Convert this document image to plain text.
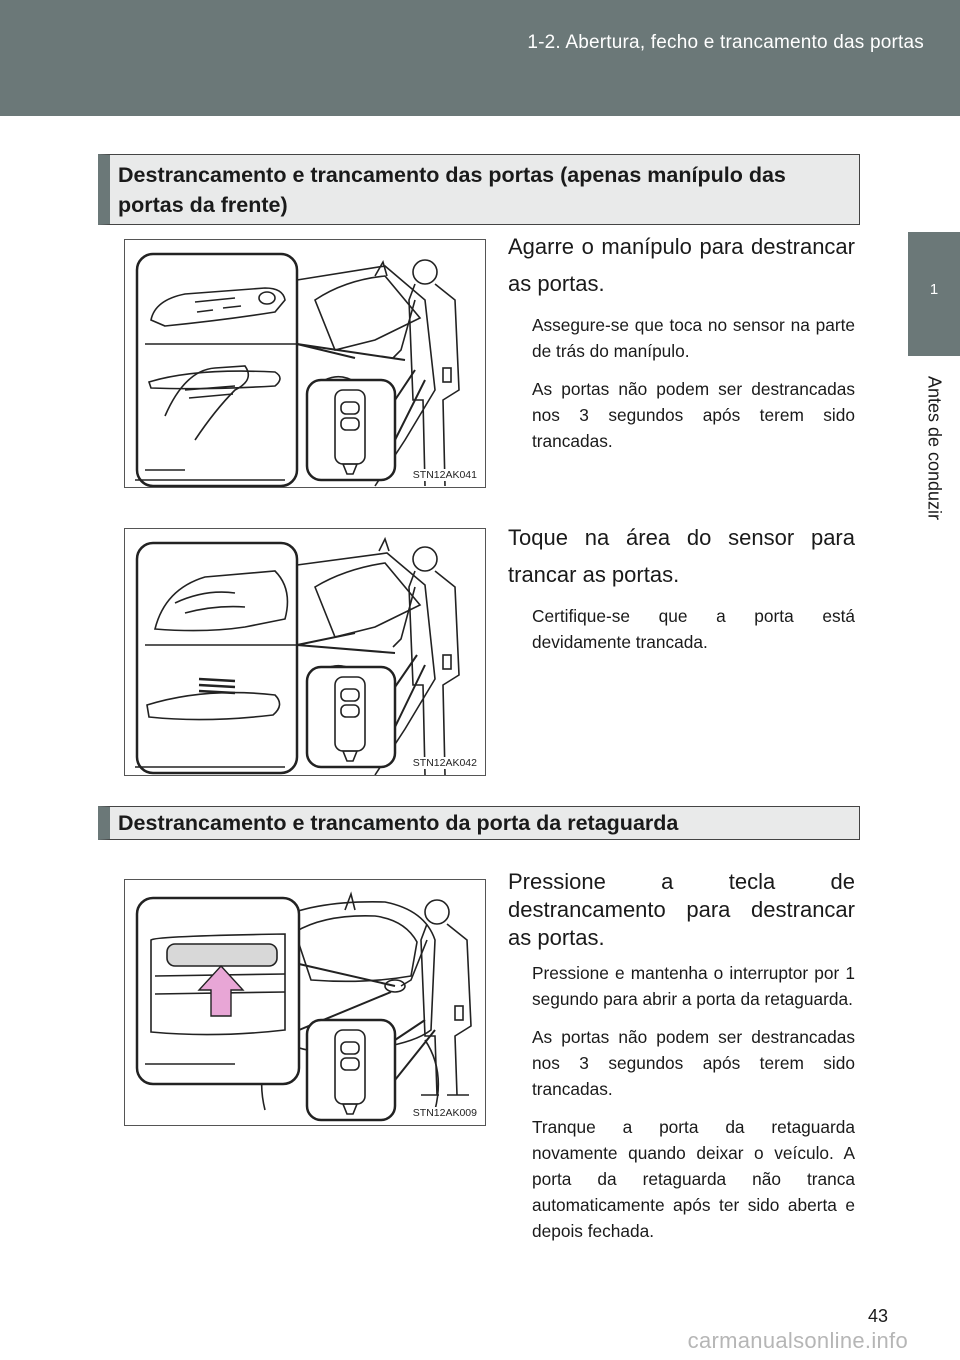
1-2. Abertura, fecho e trancamento das portas
1
Antes de conduzir
Destrancamento e trancamento das portas (apenas manípulo das portas da frente)
STN12AK041

Agarre o manípulo para destrancar as portas.

Assegure-se que toca no sensor na parte de trás do manípulo.

As portas não podem ser destrancadas nos 3 segundos após terem sido trancadas.

STN12AK042

Toque na área do sensor para trancar as portas.

Certifique-se que a porta está devidamente trancada.

Destrancamento e trancamento da porta da retaguarda
STN12AK009

Pressione a tecla de destrancamento para destrancar as portas.

Pressione e mantenha o interruptor por 1 segundo para abrir a porta da retaguarda.

As portas não podem ser destrancadas nos 3 segundos após terem sido trancadas.

Tranque a porta da retaguarda novamente quando deixar o veículo. A porta da retaguarda não tranca automaticamente após ter sido aberta e depois fechada.

43
carmanualsonline.info
